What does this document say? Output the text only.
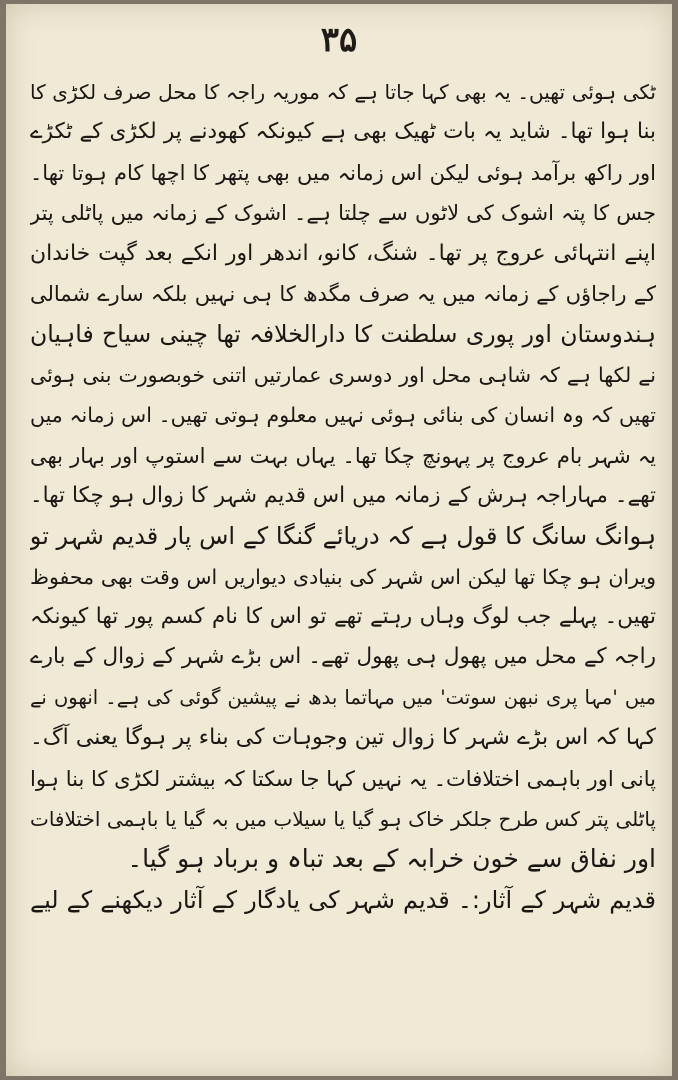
۳۵
ٹکی ہوئی تھیں۔ یہ بھی کہا جاتا ہے کہ موریہ راجہ کا محل صرف لکڑی کا
بنا ہوا تھا۔ شاید یہ بات ٹھیک بھی ہے کیونکہ کھودنے پر لکڑی کے ٹکڑے
اور راکھ برآمد ہوئی لیکن اس زمانہ میں بھی پتھر کا اچھا کام ہوتا تھا۔
جس کا پتہ اشوک کی لاٹوں سے چلتا ہے۔ اشوک کے زمانہ میں پاٹلی پتر
اپنے انتہائی عروج پر تھا۔ شنگ، کانو، اندھر اور انکے بعد گپت خاندان
کے راجاؤں کے زمانہ میں یہ صرف مگدھ کا ہی نہیں بلکہ سارے شمالی
ہندوستان اور پوری سلطنت کا دارالخلافہ تھا چینی سیاح فاہیان
نے لکھا ہے کہ شاہی محل اور دوسری عمارتیں اتنی خوبصورت بنی ہوئی
تھیں کہ وہ انسان کی بنائی ہوئی نہیں معلوم ہوتی تھیں۔ اس زمانہ میں
یہ شہر بام عروج پر پہونچ چکا تھا۔ یہاں بہت سے استوپ اور بہار بھی
تھے۔ مہاراجہ ہرش کے زمانہ میں اس قدیم شہر کا زوال ہو چکا تھا۔
ہوانگ سانگ کا قول ہے کہ دریائے گنگا کے اس پار قدیم شہر تو
ویران ہو چکا تھا لیکن اس شہر کی بنیادی دیواریں اس وقت بھی محفوظ
تھیں۔ پہلے جب لوگ وہاں رہتے تھے تو اس کا نام کسم پور تھا کیونکہ
راجہ کے محل میں پھول ہی پھول تھے۔ اس بڑے شہر کے زوال کے بارے
میں 'مہا پری نبھن سوتت' میں مہاتما بدھ نے پیشین گوئی کی ہے۔ انھوں نے
کہا کہ اس بڑے شہر کا زوال تین وجوہات کی بناء پر ہوگا یعنی آگ۔
پانی اور باہمی اختلافات۔ یہ نہیں کہا جا سکتا کہ بیشتر لکڑی کا بنا ہوا
پاٹلی پتر کس طرح جلکر خاک ہو گیا یا سیلاب میں بہ گیا یا باہمی اختلافات
اور نفاق سے خون خرابہ کے بعد تباہ و برباد ہو گیا۔
قدیم شہر کے آثار:۔ قدیم شہر کی یادگار کے آثار دیکھنے کے لیے
